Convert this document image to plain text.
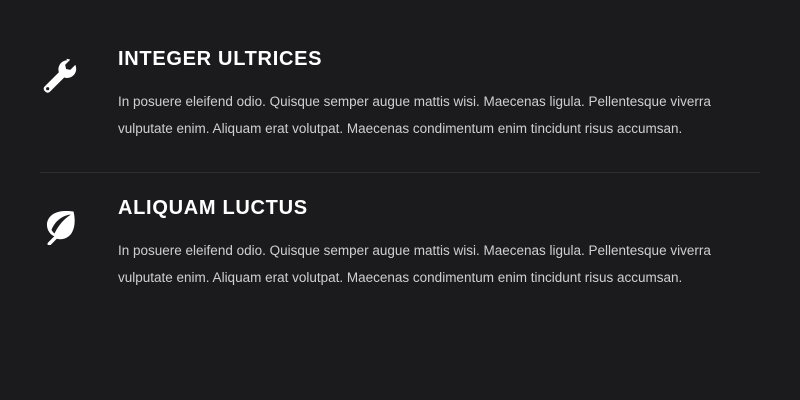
INTEGER ULTRICES

In posuere eleifend odio. Quisque semper augue mattis wisi. Maecenas ligula. Pellentesque viverra vulputate enim. Aliquam erat volutpat. Maecenas condimentum enim tincidunt risus accumsan.

ALIQUAM LUCTUS

In posuere eleifend odio. Quisque semper augue mattis wisi. Maecenas ligula. Pellentesque viverra vulputate enim. Aliquam erat volutpat. Maecenas condimentum enim tincidunt risus accumsan.
